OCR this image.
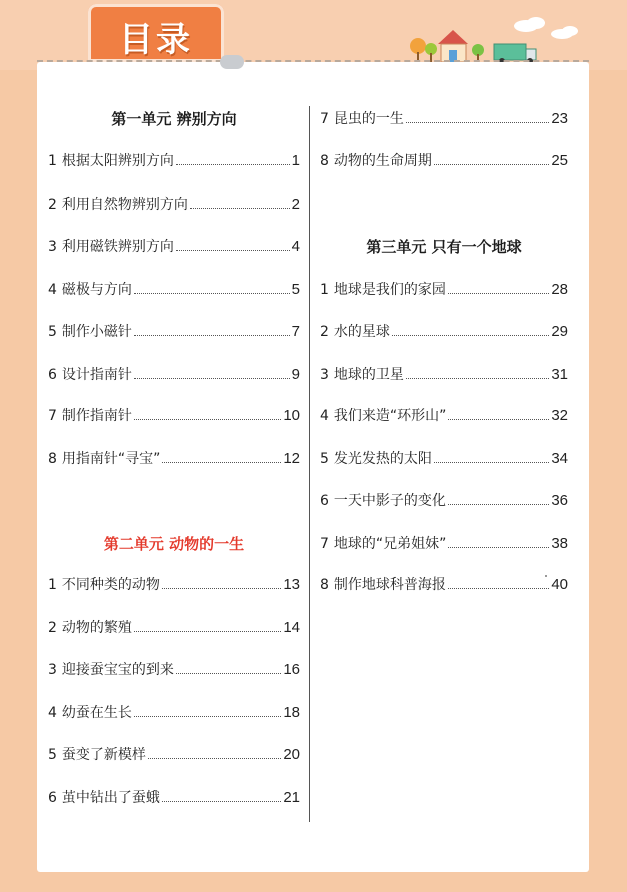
目录
第一单元 辨别方向
1 根据太阳辨别方向	1
2 利用自然物辨别方向	2
3 利用磁铁辨别方向	4
4 磁极与方向	5
5 制作小磁针	7
6 设计指南针	9
7 制作指南针	10
8 用指南针“寻宝”	12
第二单元 动物的一生
1 不同种类的动物	13
2 动物的繁殖	14
3 迎接蚕宝宝的到来	16
4 幼蚕在生长	18
5 蚕变了新模样	20
6 茧中钻出了蚕蛾	21
7 昆虫的一生	23
8 动物的生命周期	25
第三单元 只有一个地球
1 地球是我们的家园	28
2 水的星球	29
3 地球的卫星	31
4 我们来造“环形山”	32
5 发光发热的太阳	34
6 一天中影子的变化	36
7 地球的“兄弟姐妹”	38
8 制作地球科普海报	40
